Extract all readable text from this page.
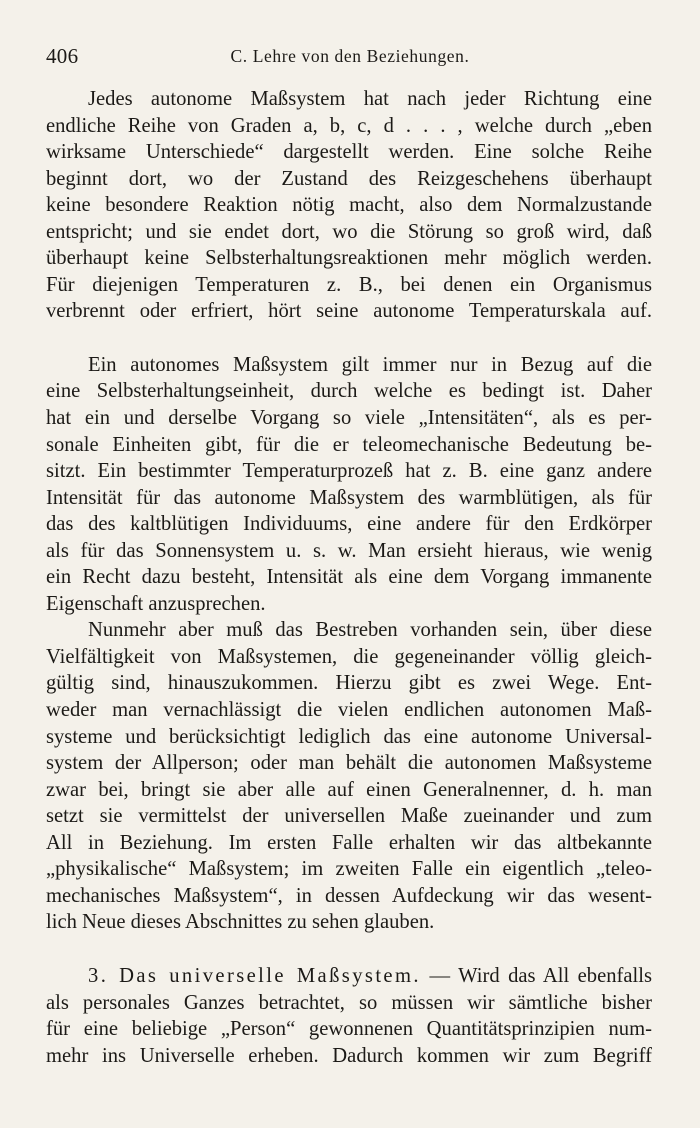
406	C. Lehre von den Beziehungen.
Jedes autonome Maßsystem hat nach jeder Richtung eine
endliche Reihe von Graden a, b, c, d . . . , welche durch „eben
wirksame Unterschiede“ dargestellt werden. Eine solche Reihe
beginnt dort, wo der Zustand des Reizgeschehens überhaupt
keine besondere Reaktion nötig macht, also dem Normalzustande
entspricht; und sie endet dort, wo die Störung so groß wird, daß
überhaupt keine Selbsterhaltungsreaktionen mehr möglich werden.
Für diejenigen Temperaturen z. B., bei denen ein Organismus
verbrennt oder erfriert, hört seine autonome Temperaturskala auf.
Ein autonomes Maßsystem gilt immer nur in Bezug auf die
eine Selbsterhaltungseinheit, durch welche es bedingt ist. Daher
hat ein und derselbe Vorgang so viele „Intensitäten“, als es per-
sonale Einheiten gibt, für die er teleomechanische Bedeutung be-
sitzt. Ein bestimmter Temperaturprozeß hat z. B. eine ganz andere
Intensität für das autonome Maßsystem des warmblütigen, als für
das des kaltblütigen Individuums, eine andere für den Erdkörper
als für das Sonnensystem u. s. w. Man ersieht hieraus, wie wenig
ein Recht dazu besteht, Intensität als eine dem Vorgang immanente
Eigenschaft anzusprechen.
Nunmehr aber muß das Bestreben vorhanden sein, über diese
Vielfältigkeit von Maßsystemen, die gegeneinander völlig gleich-
gültig sind, hinauszukommen. Hierzu gibt es zwei Wege. Ent-
weder man vernachlässigt die vielen endlichen autonomen Maß-
systeme und berücksichtigt lediglich das eine autonome Universal-
system der Allperson; oder man behält die autonomen Maßsysteme
zwar bei, bringt sie aber alle auf einen Generalnenner, d. h. man
setzt sie vermittelst der universellen Maße zueinander und zum
All in Beziehung. Im ersten Falle erhalten wir das altbekannte
„physikalische“ Maßsystem; im zweiten Falle ein eigentlich „teleo-
mechanisches Maßsystem“, in dessen Aufdeckung wir das wesent-
lich Neue dieses Abschnittes zu sehen glauben.
3. Das universelle Maßsystem. — Wird das All ebenfalls
als personales Ganzes betrachtet, so müssen wir sämtliche bisher
für eine beliebige „Person“ gewonnenen Quantitätsprinzipien num-
mehr ins Universelle erheben. Dadurch kommen wir zum Begriff
